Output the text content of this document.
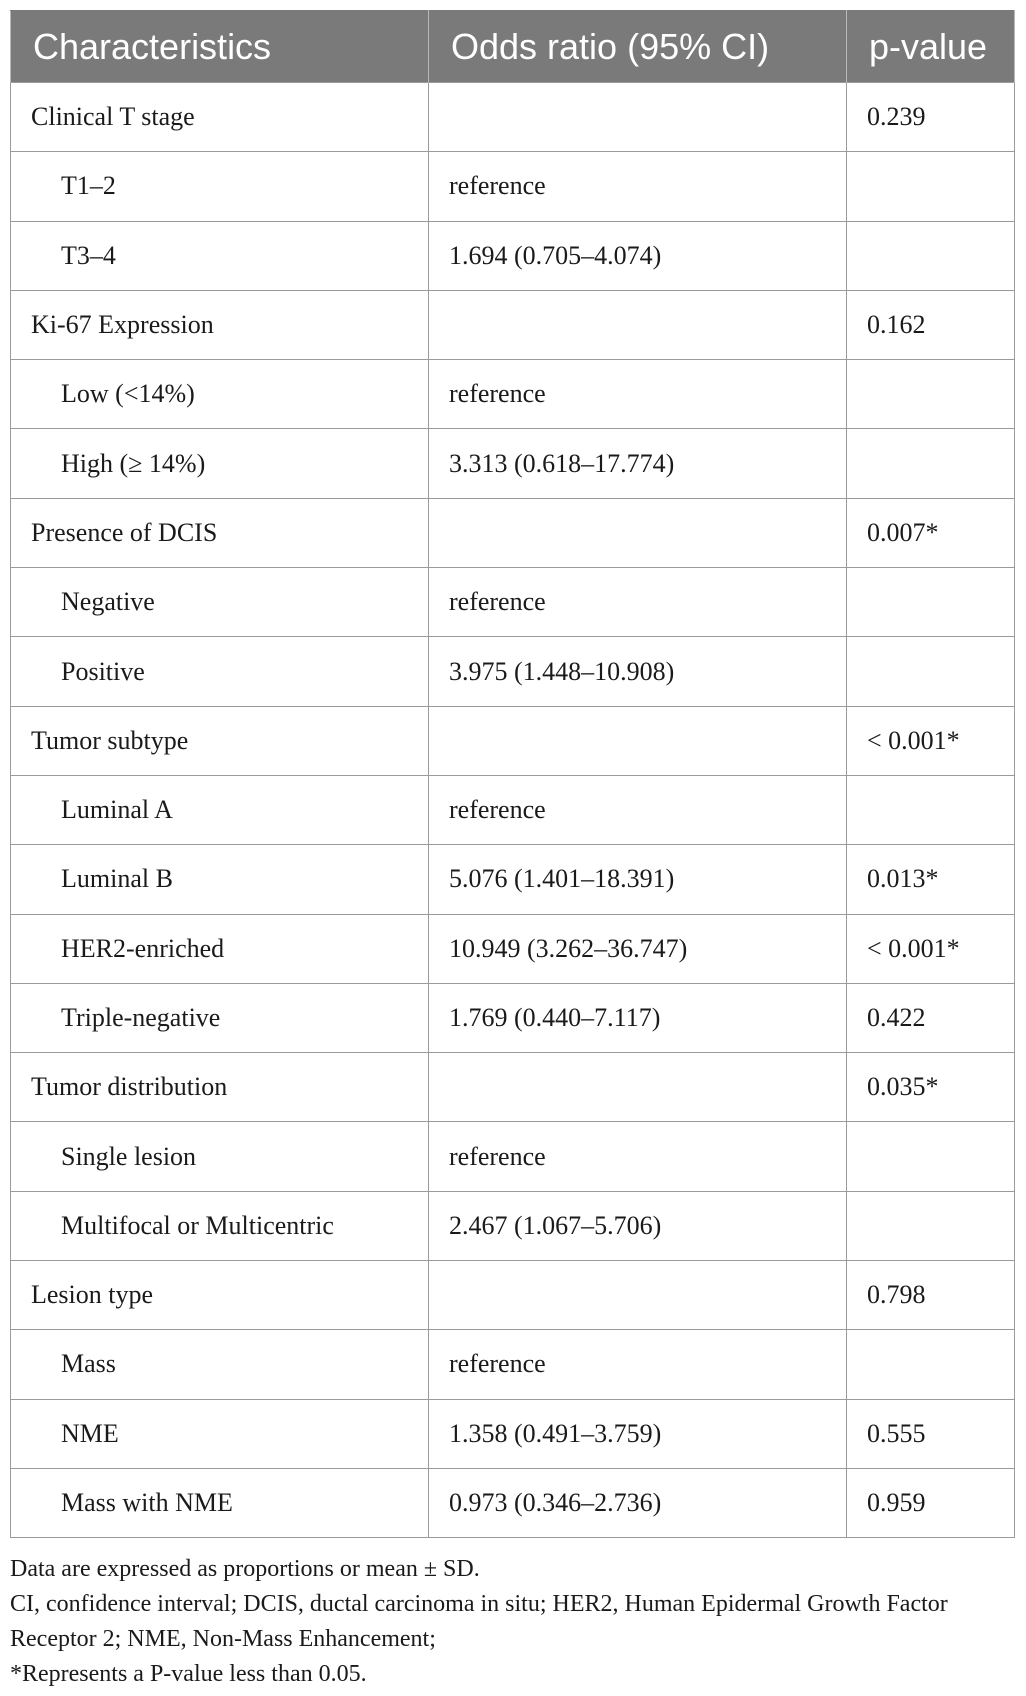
Characteristics	Odds ratio (95% CI)	p-value
Clinical T stage		0.239
T1–2	reference	
T3–4	1.694 (0.705–4.074)	
Ki-67 Expression		0.162
Low (<14%)	reference	
High (≥ 14%)	3.313 (0.618–17.774)	
Presence of DCIS		0.007*
Negative	reference	
Positive	3.975 (1.448–10.908)	
Tumor subtype		< 0.001*
Luminal A	reference	
Luminal B	5.076 (1.401–18.391)	0.013*
HER2-enriched	10.949 (3.262–36.747)	< 0.001*
Triple-negative	1.769 (0.440–7.117)	0.422
Tumor distribution		0.035*
Single lesion	reference	
Multifocal or Multicentric	2.467 (1.067–5.706)	
Lesion type		0.798
Mass	reference	
NME	1.358 (0.491–3.759)	0.555
Mass with NME	0.973 (0.346–2.736)	0.959

Data are expressed as proportions or mean ± SD.

CI, confidence interval; DCIS, ductal carcinoma in situ; HER2, Human Epidermal Growth Factor Receptor 2; NME, Non-Mass Enhancement;

*Represents a P-value less than 0.05.
